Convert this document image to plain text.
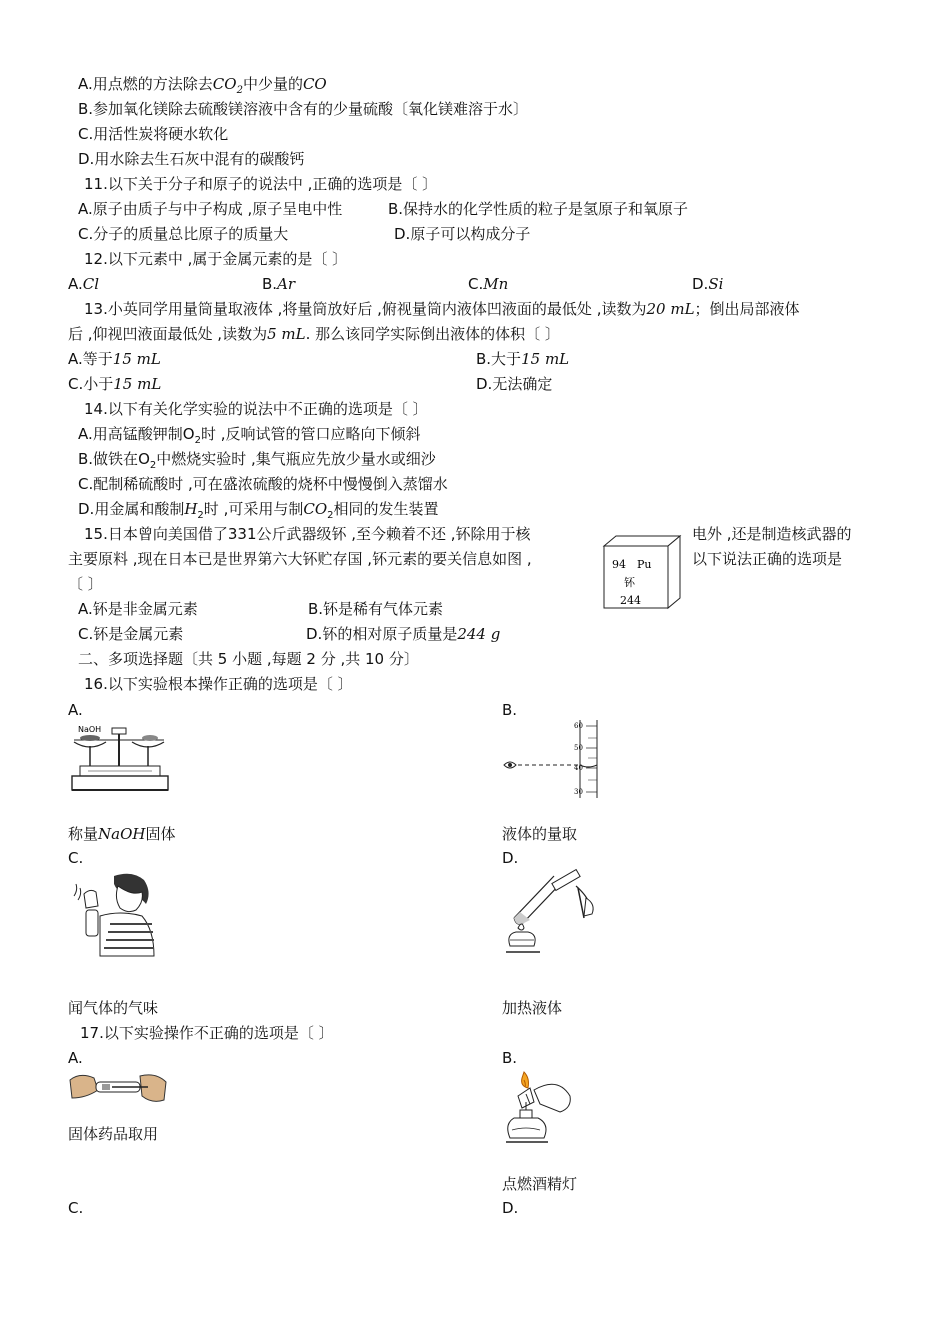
A.用点燃的方法除去$CO_2$中少量的CO
B.参加氧化镁除去硫酸镁溶液中含有的少量硫酸〔氧化镁难溶于水〕
C.用活性炭将硬水软化
D.用水除去生石灰中混有的碳酸钙
11.以下关于分子和原子的说法中 ,正确的选项是〔 〕
A.原子由质子与中子构成 ,原子呈电中性	B.保持水的化学性质的粒子是氢原子和氧原子
C.分子的质量总比原子的质量大	D.原子可以构成分子
12.以下元素中 ,属于金属元素的是〔 〕
A.Cl	B.Ar	C.Mn	D.Si
13.小英同学用量筒量取液体 ,将量筒放好后 ,俯视量筒内液体凹液面的最低处 ,读数为20 mL；倒出局部液体
后 ,仰视凹液面最低处 ,读数为5 mL. 那么该同学实际倒出液体的体积〔 〕
A.等于15 mL	B.大于15 mL
C.小于15 mL	D.无法确定
14.以下有关化学实验的说法中不正确的选项是〔 〕
A.用高锰酸钾制$O_2$时 ,反响试管的管口应略向下倾斜
B.做铁在$O_2$中燃烧实验时 ,集气瓶应先放少量水或细沙
C.配制稀硫酸时 ,可在盛浓硫酸的烧杯中慢慢倒入蒸馏水
D.用金属和酸制$H_2$时 ,可采用与制$CO_2$相同的发生装置
15.日本曾向美国借了331公斤武器级钚 ,至今赖着不还 ,钚除用于核	电外 ,还是制造核武器的
主要原料 ,现在日本已是世界第六大钚贮存国 ,钚元素的要关信息如图 ,	以下说法正确的选项是
〔 〕
94 Pu
钚
244
A.钚是非金属元素	B.钚是稀有气体元素
C.钚是金属元素	D.钚的相对原子质量是244 g
二、多项选择题〔共 5 小题 ,每题 2 分 ,共 10 分〕
16.以下实验根本操作正确的选项是〔 〕
A.	B.
NaOH	60
50
40
30
称量NaOH固体	液体的量取
C.	D.
闻气体的气味	加热液体
17.以下实验操作不正确的选项是〔 〕
A.	B.
固体药品取用
点燃酒精灯
C.	D.
